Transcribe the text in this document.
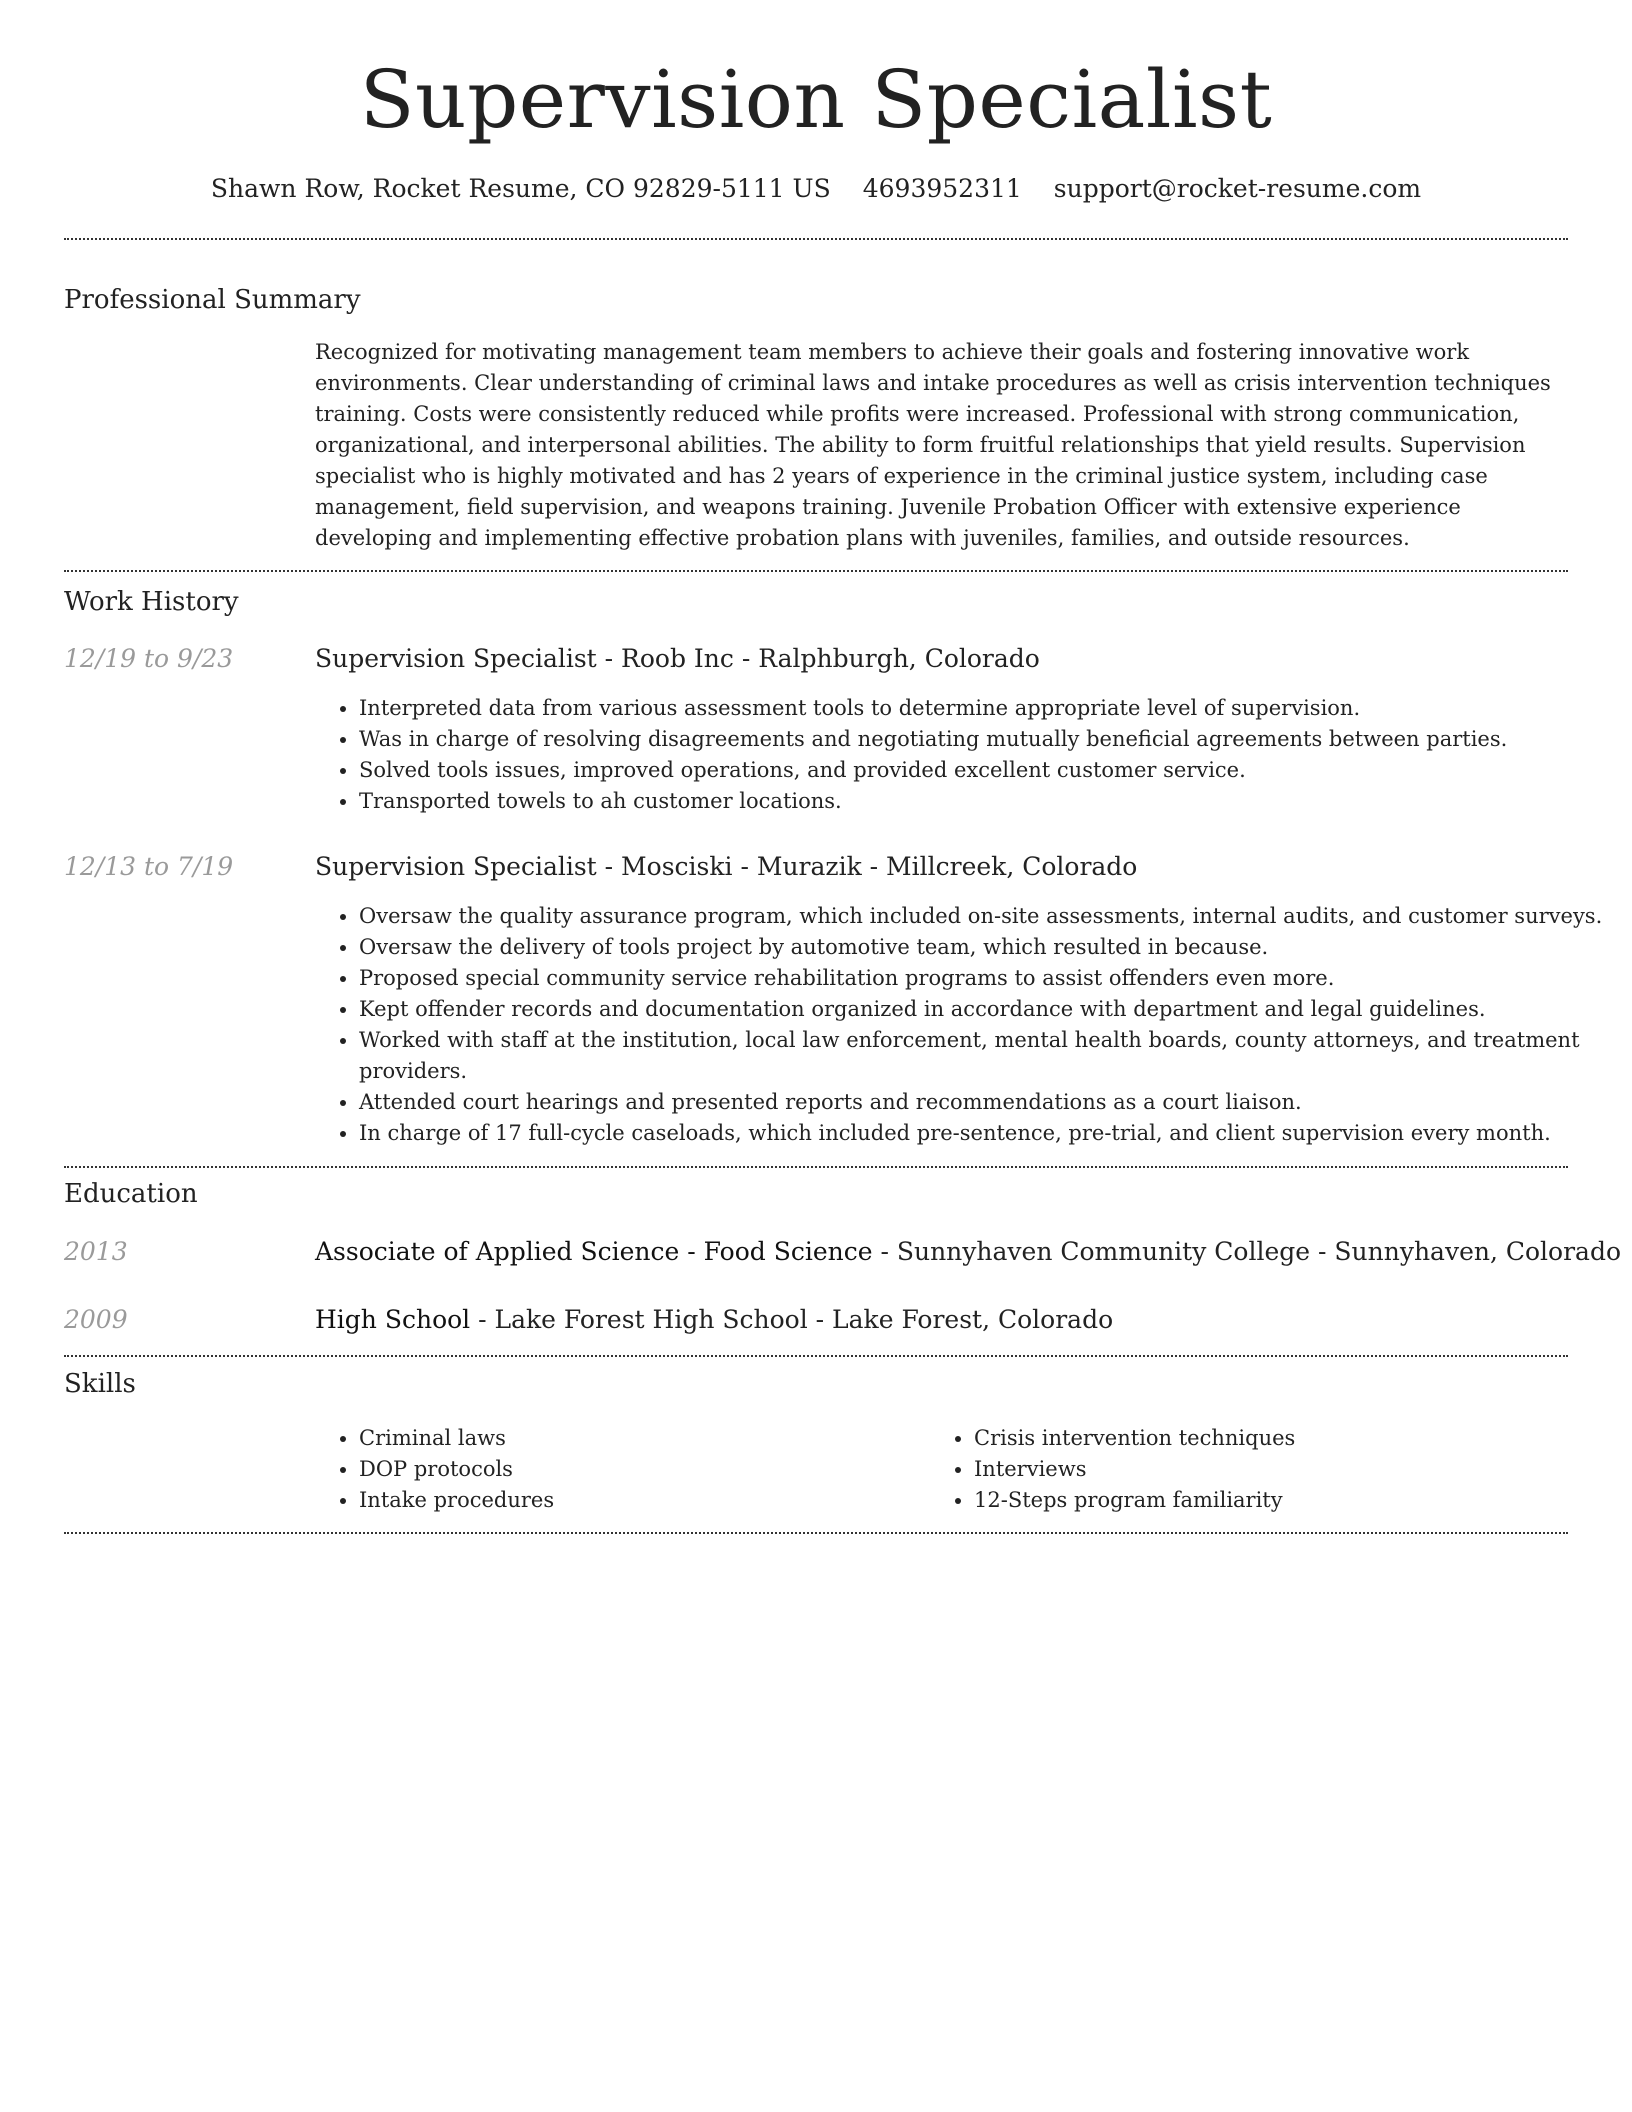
Supervision Specialist
Shawn Row, Rocket Resume, CO 92829-5111 US 4693952311 support@rocket-resume.com
Professional Summary
Recognized for motivating management team members to achieve their goals and fostering innovative work environments. Clear understanding of criminal laws and intake procedures as well as crisis intervention techniques training. Costs were consistently reduced while profits were increased. Professional with strong communication, organizational, and interpersonal abilities. The ability to form fruitful relationships that yield results. Supervision specialist who is highly motivated and has 2 years of experience in the criminal justice system, including case management, field supervision, and weapons training. Juvenile Probation Officer with extensive experience developing and implementing effective probation plans with juveniles, families, and outside resources.
Work History
12/19 to 9/23	Supervision Specialist - Roob Inc - Ralphburgh, Colorado
• Interpreted data from various assessment tools to determine appropriate level of supervision.
• Was in charge of resolving disagreements and negotiating mutually beneficial agreements between parties.
• Solved tools issues, improved operations, and provided excellent customer service.
• Transported towels to ah customer locations.
12/13 to 7/19	Supervision Specialist - Mosciski - Murazik - Millcreek, Colorado
• Oversaw the quality assurance program, which included on-site assessments, internal audits, and customer surveys.
• Oversaw the delivery of tools project by automotive team, which resulted in because.
• Proposed special community service rehabilitation programs to assist offenders even more.
• Kept offender records and documentation organized in accordance with department and legal guidelines.
• Worked with staff at the institution, local law enforcement, mental health boards, county attorneys, and treatment providers.
• Attended court hearings and presented reports and recommendations as a court liaison.
• In charge of 17 full-cycle caseloads, which included pre-sentence, pre-trial, and client supervision every month.
Education
2013	Associate of Applied Science - Food Science - Sunnyhaven Community College - Sunnyhaven, Colorado
2009	High School - Lake Forest High School - Lake Forest, Colorado
Skills
• Criminal laws
• DOP protocols
• Intake procedures
• Crisis intervention techniques
• Interviews
• 12-Steps program familiarity
